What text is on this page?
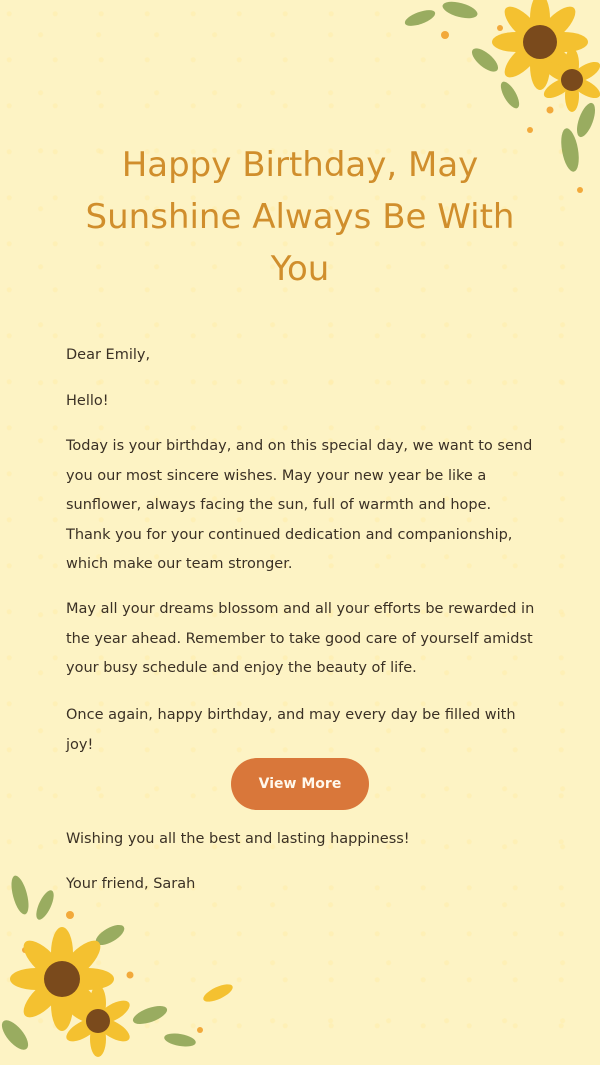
Happy Birthday, May Sunshine Always Be With You

Dear Emily,

Hello!

Today is your birthday, and on this special day, we want to send you our most sincere wishes. May your new year be like a sunflower, always facing the sun, full of warmth and hope. Thank you for your continued dedication and companionship, which make our team stronger.

May all your dreams blossom and all your efforts be rewarded in the year ahead. Remember to take good care of yourself amidst your busy schedule and enjoy the beauty of life.

Once again, happy birthday, and may every day be filled with joy!

View More

Wishing you all the best and lasting happiness!

Your friend, Sarah
